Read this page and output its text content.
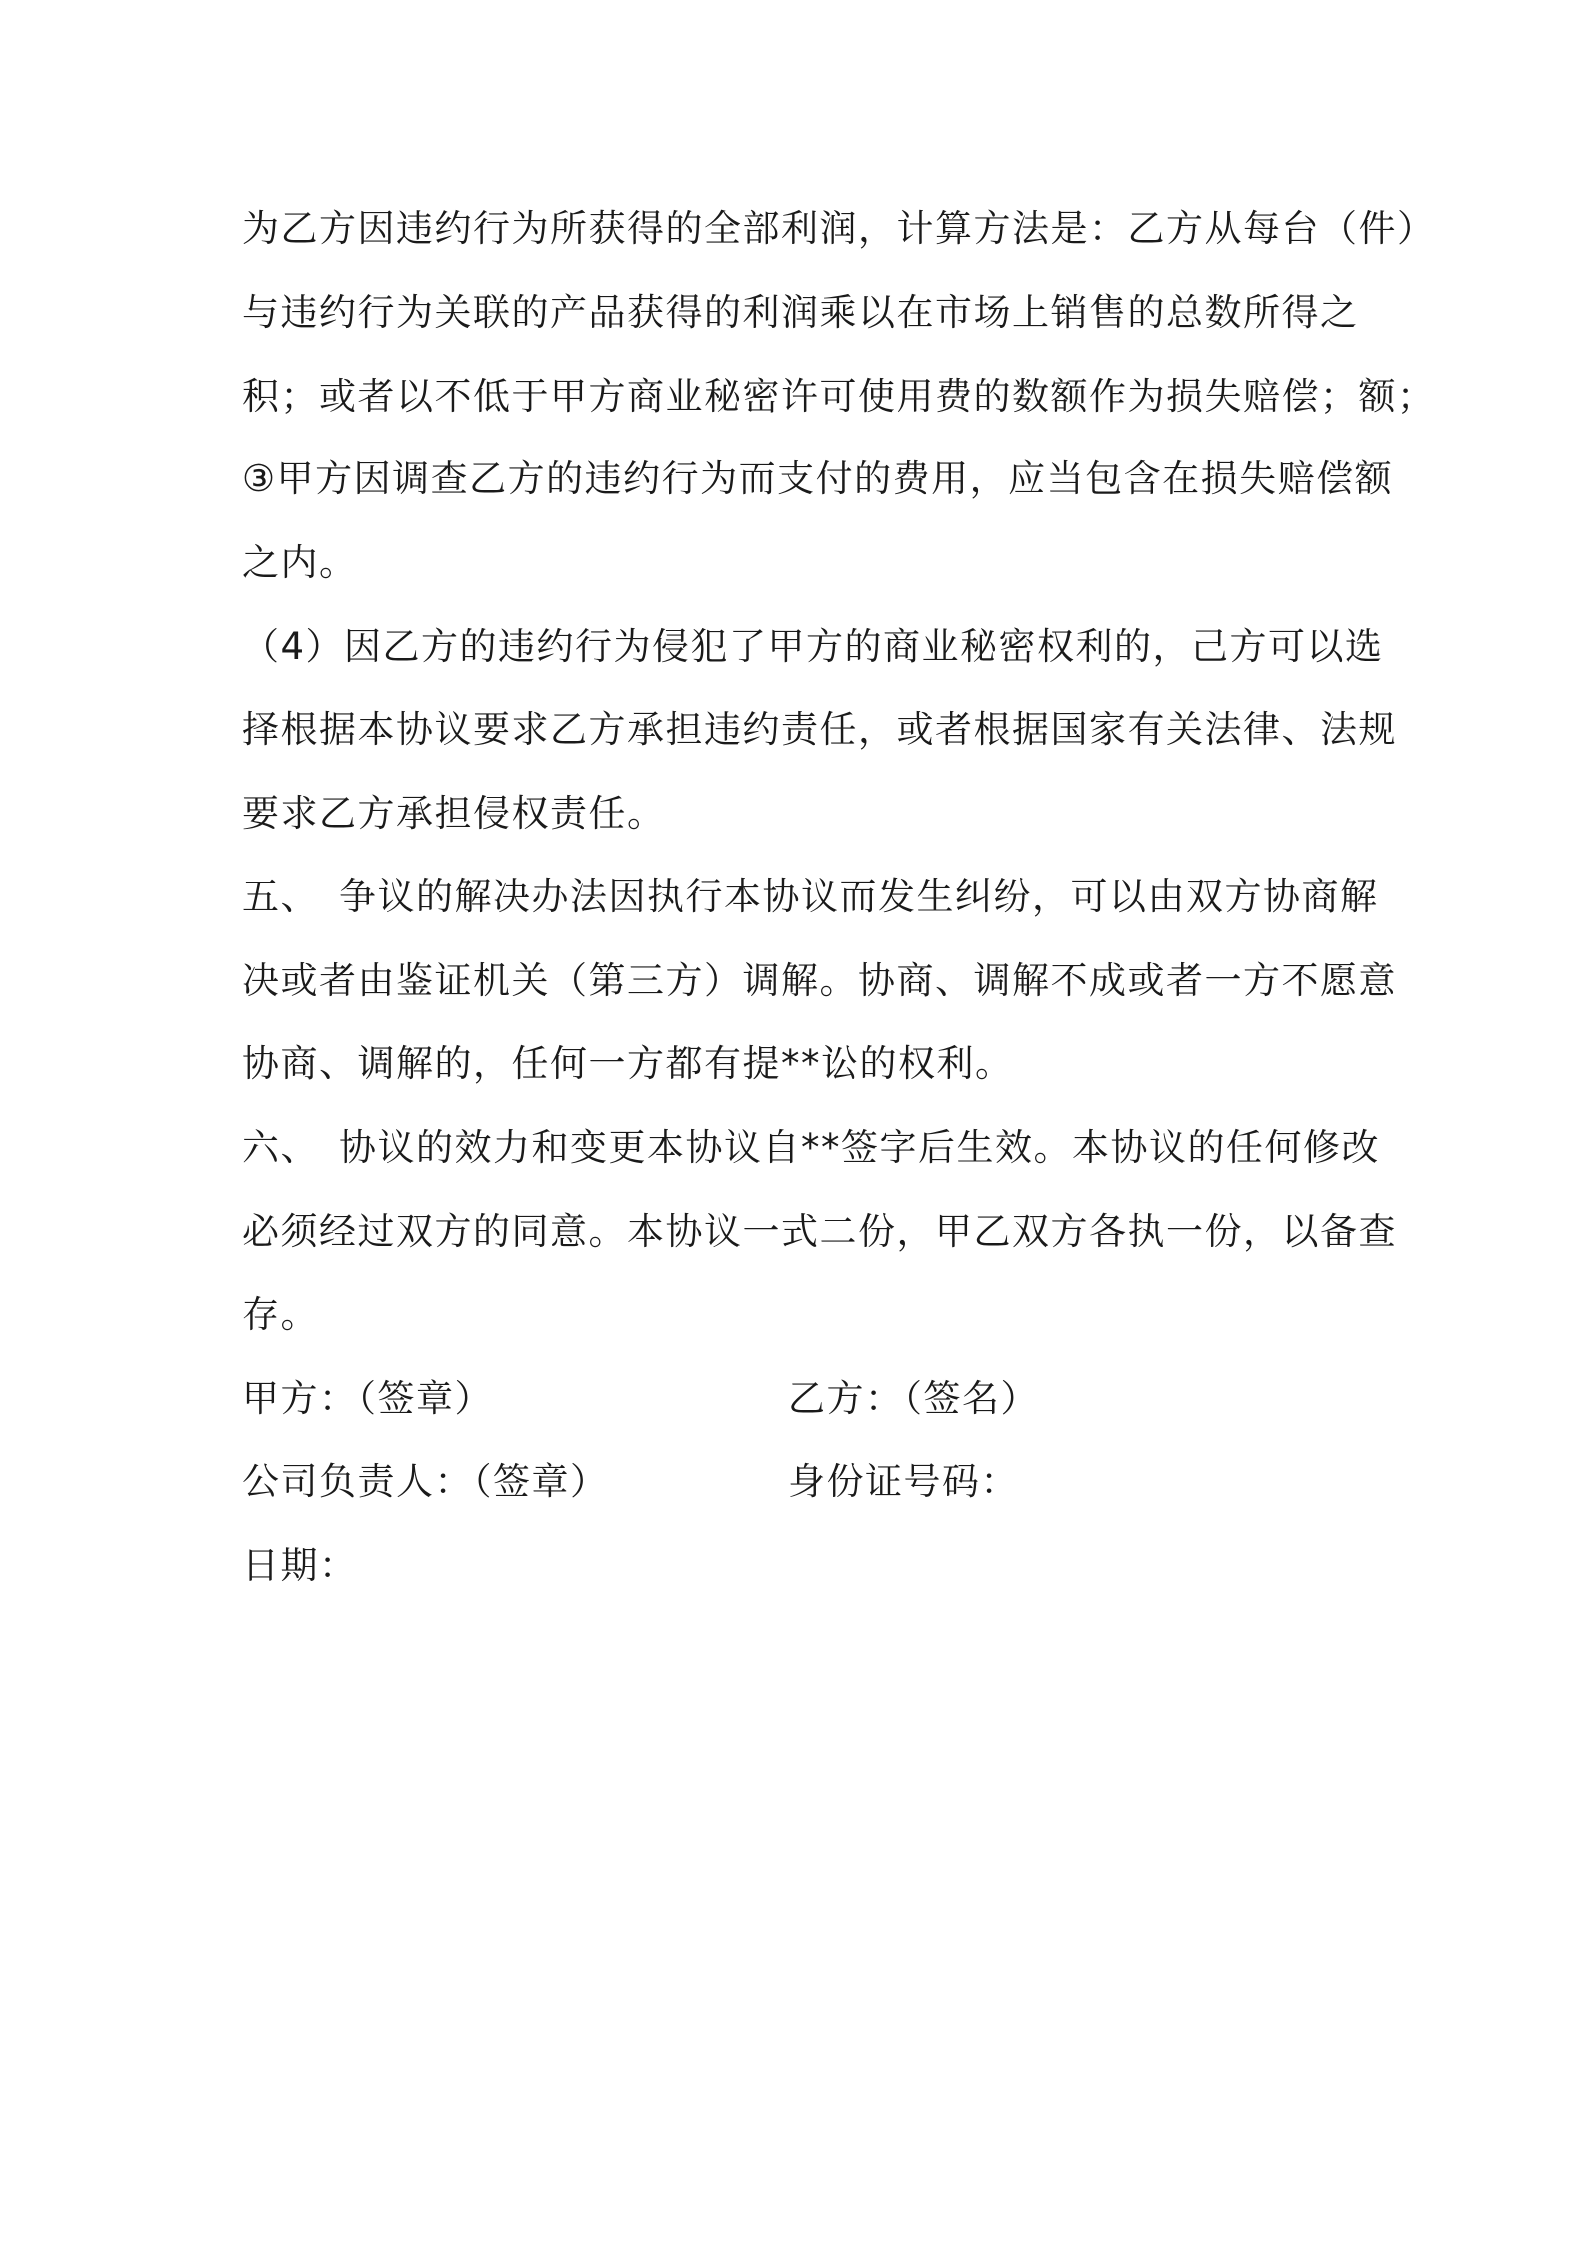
为乙方因违约行为所获得的全部利润，计算方法是：乙方从每台（件）
与违约行为关联的产品获得的利润乘以在市场上销售的总数所得之
积；或者以不低于甲方商业秘密许可使用费的数额作为损失赔偿；额；
③甲方因调查乙方的违约行为而支付的费用，应当包含在损失赔偿额
之内。
（4）因乙方的违约行为侵犯了甲方的商业秘密权利的，己方可以选
择根据本协议要求乙方承担违约责任，或者根据国家有关法律、法规
要求乙方承担侵权责任。
五、　争议的解决办法因执行本协议而发生纠纷，可以由双方协商解
决或者由鉴证机关（第三方）调解。协商、调解不成或者一方不愿意
协商、调解的，任何一方都有提**讼的权利。
六、　协议的效力和变更本协议自**签字后生效。本协议的任何修改
必须经过双方的同意。本协议一式二份，甲乙双方各执一份，以备查
存。
甲方：（签章）	乙方：（签名）
公司负责人：（签章）	身份证号码：
日期：
